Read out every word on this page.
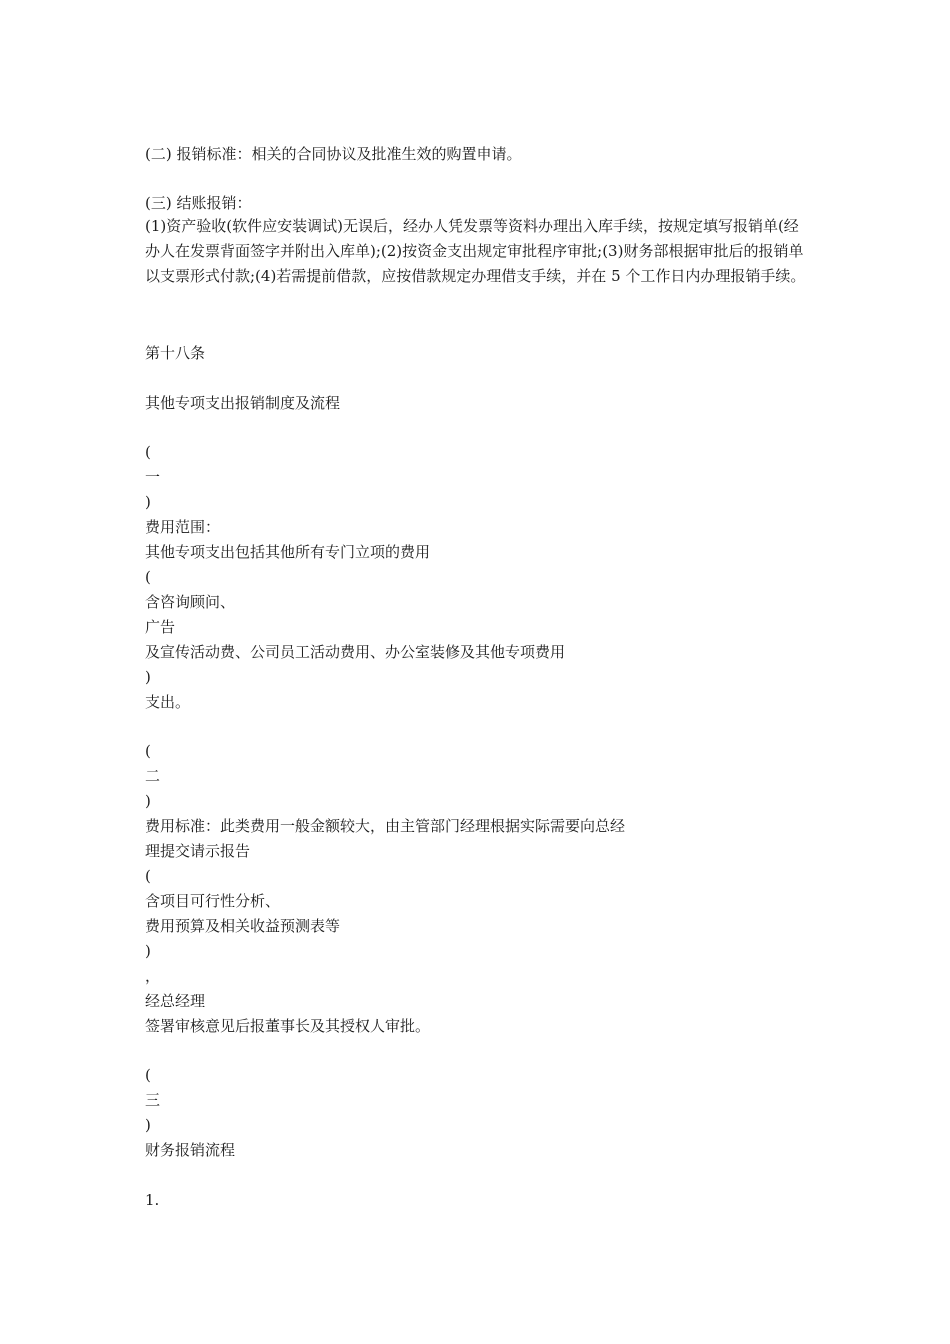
(二) 报销标准：相关的合同协议及批准生效的购置申请。

(三) 结账报销：

(1)资产验收(软件应安装调试)无误后，经办人凭发票等资料办理出入库手续，按规定填写报销单(经办人在发票背面签字并附出入库单);(2)按资金支出规定审批程序审批;(3)财务部根据审批后的报销单以支票形式付款;(4)若需提前借款，应按借款规定办理借支手续，并在 5 个工作日内办理报销手续。

第十八条

其他专项支出报销制度及流程

(

一

)

费用范围：

其他专项支出包括其他所有专门立项的费用

(

含咨询顾问、

广告

及宣传活动费、公司员工活动费用、办公室装修及其他专项费用

)

支出。

(

二

)

费用标准：此类费用一般金额较大，由主管部门经理根据实际需要向总经

理提交请示报告

(

含项目可行性分析、

费用预算及相关收益预测表等

)

，

经总经理

签署审核意见后报董事长及其授权人审批。

(

三

)

财务报销流程

1.
